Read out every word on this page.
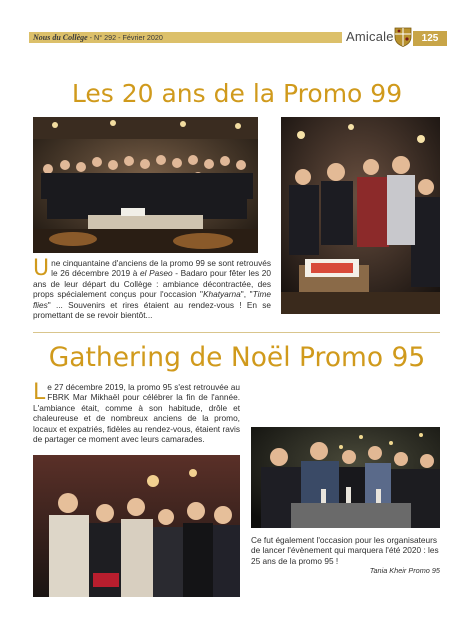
Nous du Collège - N° 292 - Février 2020	Amicale	125
Les 20 ans de la Promo 99
Une cinquantaine d'anciens de la promo 99 se sont retrouvés le 26 décembre 2019 à el Paseo - Badaro pour fêter les 20 ans de leur départ du Collège : ambiance décontractée, des props spécialement conçus pour l'occasion "Khatyarna", "Time flies" ... Souvenirs et rires étaient au rendez-vous ! En se promettant de se revoir bientôt...
Gathering de Noël Promo 95
Le 27 décembre 2019, la promo 95 s'est retrouvée au FBRK Mar Mikhaël pour célébrer la fin de l'année. L'ambiance était, comme à son habitude, drôle et chaleureuse et de nombreux anciens de la promo, locaux et expatriés, fidèles au rendez-vous, étaient ravis de partager ce moment avec leurs camarades.
Ce fut également l'occasion pour les organisateurs de lancer l'évènement qui marquera l'été 2020 : les 25 ans de la promo 95 !
Tania Kheir Promo 95
